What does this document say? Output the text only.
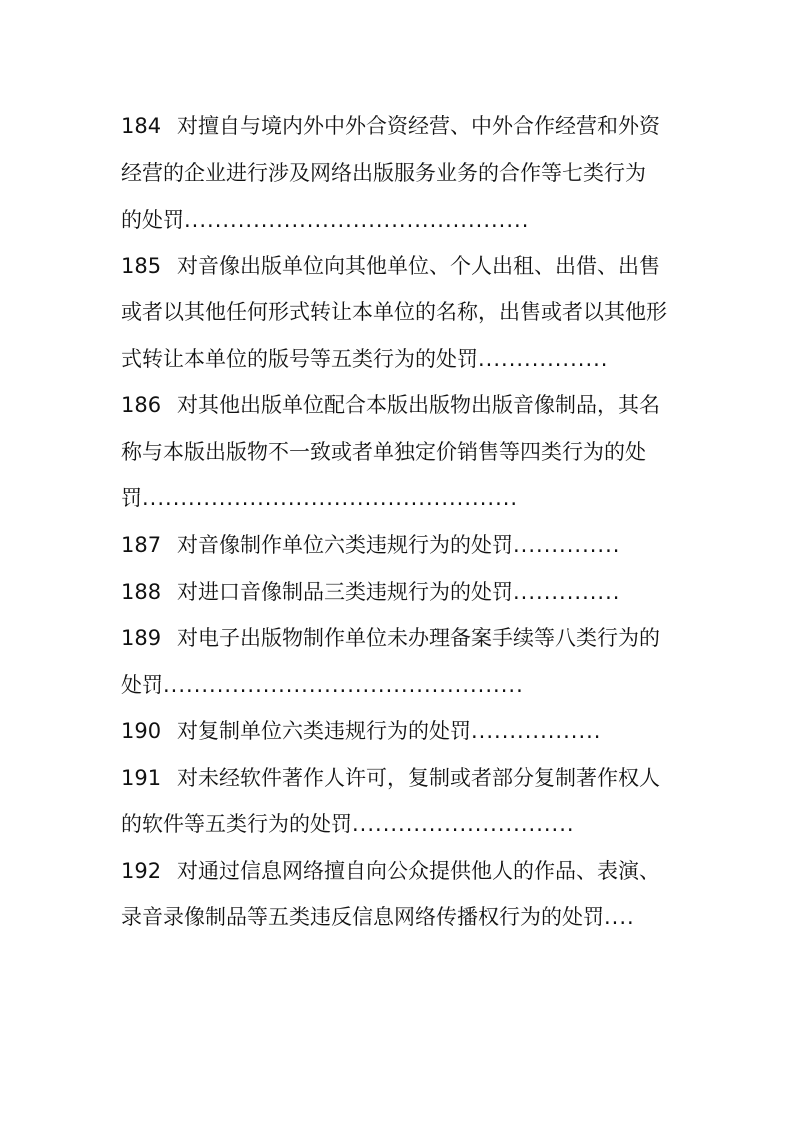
184 对擅自与境内外中外合资经营、中外合作经营和外资
经营的企业进行涉及网络出版服务业务的合作等七类行为
的处罚.............................................
185 对音像出版单位向其他单位、个人出租、出借、出售
或者以其他任何形式转让本单位的名称，出售或者以其他形
式转让本单位的版号等五类行为的处罚.................
186 对其他出版单位配合本版出版物出版音像制品，其名
称与本版出版物不一致或者单独定价销售等四类行为的处
罚.................................................
187 对音像制作单位六类违规行为的处罚..............
188 对进口音像制品三类违规行为的处罚..............
189 对电子出版物制作单位未办理备案手续等八类行为的
处罚...............................................
190 对复制单位六类违规行为的处罚.................
191 对未经软件著作人许可，复制或者部分复制著作权人
的软件等五类行为的处罚.............................
192 对通过信息网络擅自向公众提供他人的作品、表演、
录音录像制品等五类违反信息网络传播权行为的处罚....
